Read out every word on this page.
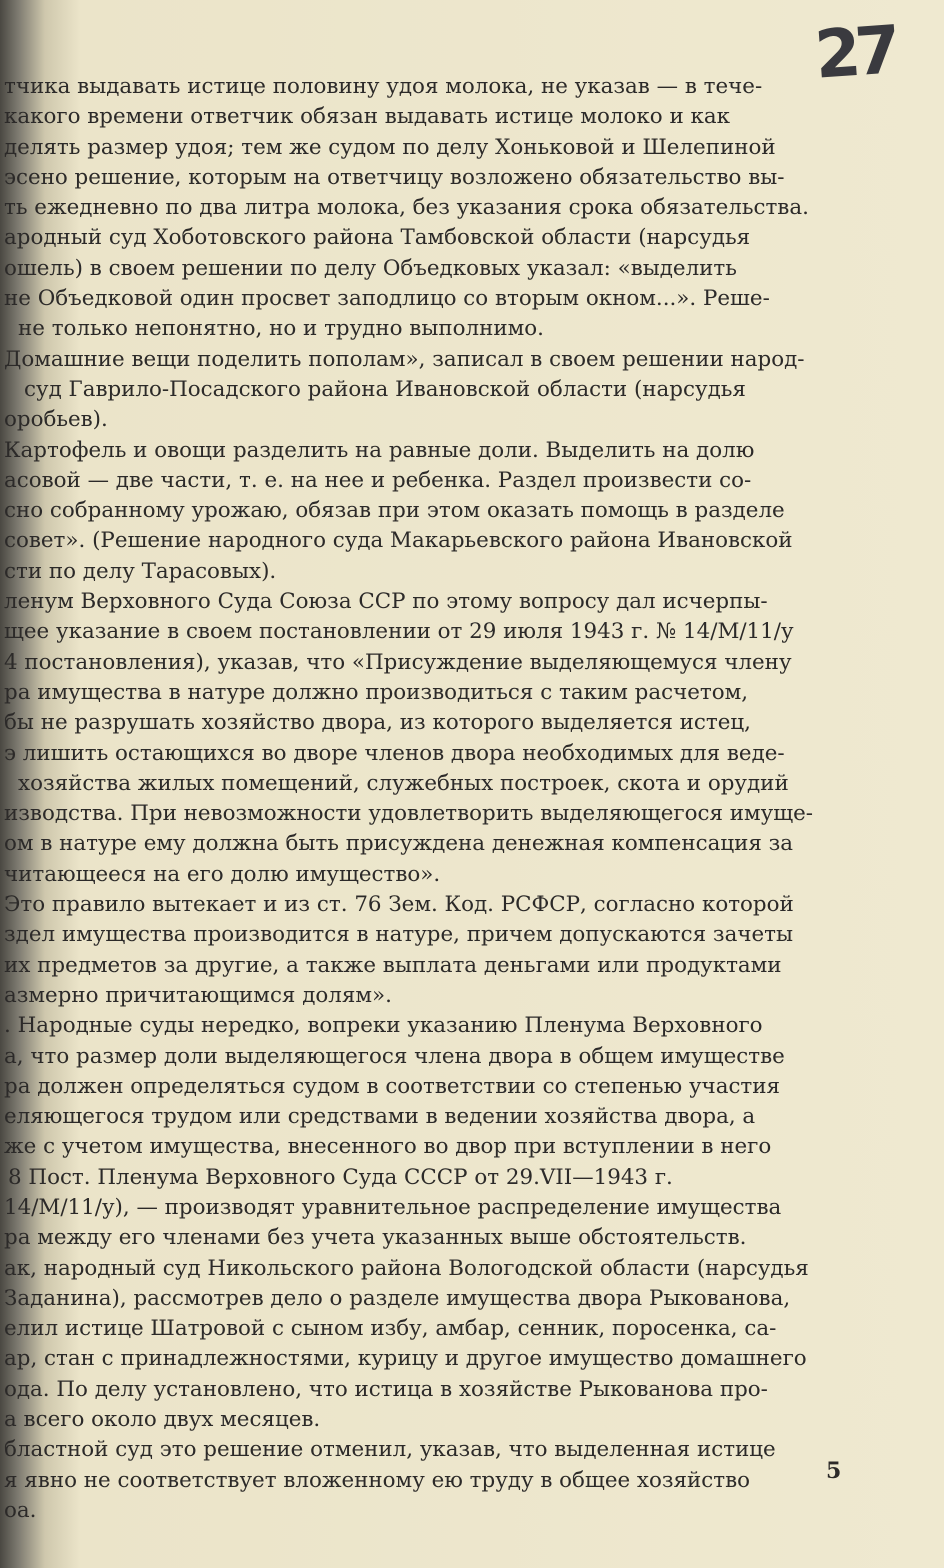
27
тчика выдавать истице половину удоя молока, не указав — в тече-
какого времени ответчик обязан выдавать истице молоко и как
делять размер удоя; тем же судом по делу Хоньковой и Шелепиной
эсено решение, которым на ответчицу возложено обязательство вы-
ть ежедневно по два литра молока, без указания срока обязательства.
ародный суд Хоботовского района Тамбовской области (нарсудья
ошель) в своем решении по делу Объедковых указал: «выделить
не Объедковой один просвет заподлицо со вторым окном...». Реше-
не только непонятно, но и трудно выполнимо.
Домашние вещи поделить пополам», записал в своем решении народ-
суд Гаврило-Посадского района Ивановской области (нарсудья
оробьев).
Картофель и овощи разделить на равные доли. Выделить на долю
асовой — две части, т. е. на нее и ребенка. Раздел произвести со-
сно собранному урожаю, обязав при этом оказать помощь в разделе
совет». (Решение народного суда Макарьевского района Ивановской
сти по делу Тарасовых).
ленум Верховного Суда Союза ССР по этому вопросу дал исчерпы-
щее указание в своем постановлении от 29 июля 1943 г. № 14/М/11/у
4 постановления), указав, что «Присуждение выделяющемуся члену
ра имущества в натуре должно производиться с таким расчетом,
бы не разрушать хозяйство двора, из которого выделяется истец,
э лишить остающихся во дворе членов двора необходимых для веде-
хозяйства жилых помещений, служебных построек, скота и орудий
изводства. При невозможности удовлетворить выделяющегося имуще-
ом в натуре ему должна быть присуждена денежная компенсация за
читающееся на его долю имущество».
Это правило вытекает и из ст. 76 Зем. Код. РСФСР, согласно которой
здел имущества производится в натуре, причем допускаются зачеты
их предметов за другие, а также выплата деньгами или продуктами
азмерно причитающимся долям».
. Народные суды нередко, вопреки указанию Пленума Верховного
а, что размер доли выделяющегося члена двора в общем имуществе
ра должен определяться судом в соответствии со степенью участия
еляющегося трудом или средствами в ведении хозяйства двора, а
же с учетом имущества, внесенного во двор при вступлении в него
8 Пост. Пленума Верховного Суда СССР от 29.VII—1943 г.
14/М/11/у), — производят уравнительное распределение имущества
ра между его членами без учета указанных выше обстоятельств.
ак, народный суд Никольского района Вологодской области (нарсудья
Заданина), рассмотрев дело о разделе имущества двора Рыкованова,
елил истице Шатровой с сыном избу, амбар, сенник, поросенка, са-
ар, стан с принадлежностями, курицу и другое имущество домашнего
ода. По делу установлено, что истица в хозяйстве Рыкованова про-
а всего около двух месяцев.
бластной суд это решение отменил, указав, что выделенная истице
я явно не соответствует вложенному ею труду в общее хозяйство
оа.
5
